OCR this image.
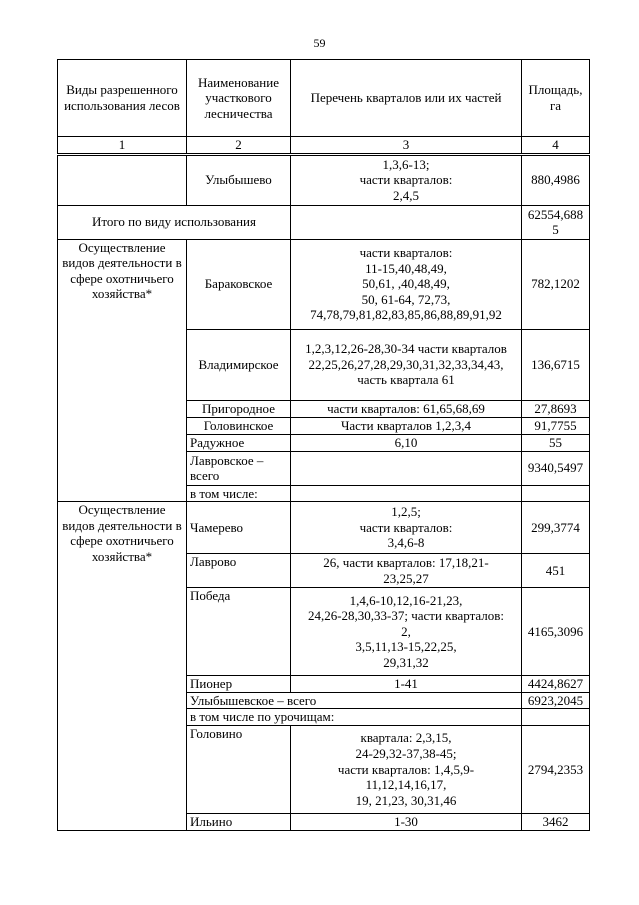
59
Виды разрешенного использования лесов	Наименование участкового лесничества	Перечень кварталов или их частей	Площадь, га
1	2	3	4
	Улыбышево	1,3,6-13;
части кварталов:
2,4,5	880,4986
Итого по виду использования			62554,6885
Осуществление видов деятельности в сфере охотничьего хозяйства*	Бараковское	части кварталов:
11-15,40,48,49,
50,61, ,40,48,49,
50, 61-64, 72,73,
74,78,79,81,82,83,85,86,88,89,91,92	782,1202
	Владимирское	1,2,3,12,26-28,30-34 части кварталов
22,25,26,27,28,29,30,31,32,33,34,43,
часть квартала 61	136,6715
	Пригородное	части кварталов: 61,65,68,69	27,8693
	Головинское	Части кварталов 1,2,3,4	91,7755
	Радужное	6,10	55
	Лавровское – всего		9340,5497
	в том числе:		

Осуществление видов деятельности в сфере охотничьего хозяйства*	Чамерево	1,2,5;
части кварталов:
3,4,6-8	299,3774
	Лаврово	26, части кварталов: 17,18,21-
23,25,27	451
	Победа	1,4,6-10,12,16-21,23,
24,26-28,30,33-37; части кварталов:
2,
3,5,11,13-15,22,25,
29,31,32	4165,3096
	Пионер	1-41	4424,8627
	Улыбышевское – всего		6923,2045
	в том числе по урочищам:		
	Головино	квартала: 2,3,15,
24-29,32-37,38-45;
части кварталов: 1,4,5,9-
11,12,14,16,17,
19, 21,23, 30,31,46	2794,2353
	Ильино	1-30	3462
